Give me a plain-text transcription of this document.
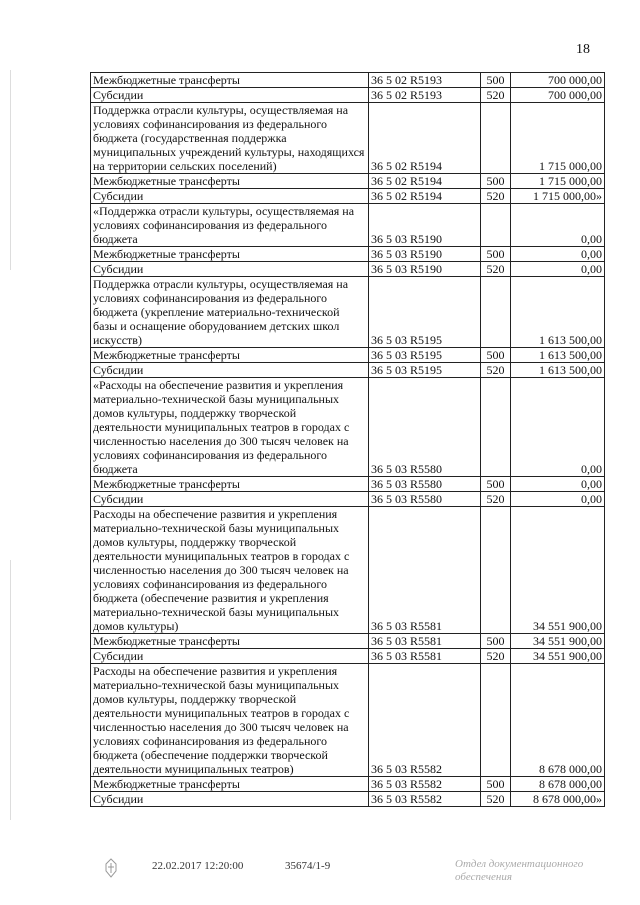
18
Межбюджетные трансферты	36 5 02 R5193	500	700 000,00
Субсидии	36 5 02 R5193	520	700 000,00
Поддержка отрасли культуры, осуществляемая на условиях софинансирования из федерального бюджета (государственная поддержка муниципальных учреждений культуры, находящихся на территории сельских поселений)	36 5 02 R5194		1 715 000,00
Межбюджетные трансферты	36 5 02 R5194	500	1 715 000,00
Субсидии	36 5 02 R5194	520	1 715 000,00»
«Поддержка отрасли культуры, осуществляемая на условиях софинансирования из федерального бюджета	36 5 03 R5190		0,00
Межбюджетные трансферты	36 5 03 R5190	500	0,00
Субсидии	36 5 03 R5190	520	0,00
Поддержка отрасли культуры, осуществляемая на условиях софинансирования из федерального бюджета (укрепление материально-технической базы и оснащение оборудованием детских школ искусств)	36 5 03 R5195		1 613 500,00
Межбюджетные трансферты	36 5 03 R5195	500	1 613 500,00
Субсидии	36 5 03 R5195	520	1 613 500,00
«Расходы на обеспечение развития и укрепления материально-технической базы муниципальных домов культуры, поддержку творческой деятельности муниципальных театров в городах с численностью населения до 300 тысяч человек на условиях софинансирования из федерального бюджета	36 5 03 R5580		0,00
Межбюджетные трансферты	36 5 03 R5580	500	0,00
Субсидии	36 5 03 R5580	520	0,00
Расходы на обеспечение развития и укрепления материально-технической базы муниципальных домов культуры, поддержку творческой деятельности муниципальных театров в городах с численностью населения до 300 тысяч человек на условиях софинансирования из федерального бюджета (обеспечение развития и укрепления материально-технической базы муниципальных домов культуры)	36 5 03 R5581		34 551 900,00
Межбюджетные трансферты	36 5 03 R5581	500	34 551 900,00
Субсидии	36 5 03 R5581	520	34 551 900,00
Расходы на обеспечение развития и укрепления материально-технической базы муниципальных домов культуры, поддержку творческой деятельности муниципальных театров в городах с численностью населения до 300 тысяч человек на условиях софинансирования из федерального бюджета (обеспечение поддержки творческой деятельности муниципальных театров)	36 5 03 R5582		8 678 000,00
Межбюджетные трансферты	36 5 03 R5582	500	8 678 000,00
Субсидии	36 5 03 R5582	520	8 678 000,00»
22.02.2017 12:20:00	35674/1-9	Отдел документационного обеспечения
